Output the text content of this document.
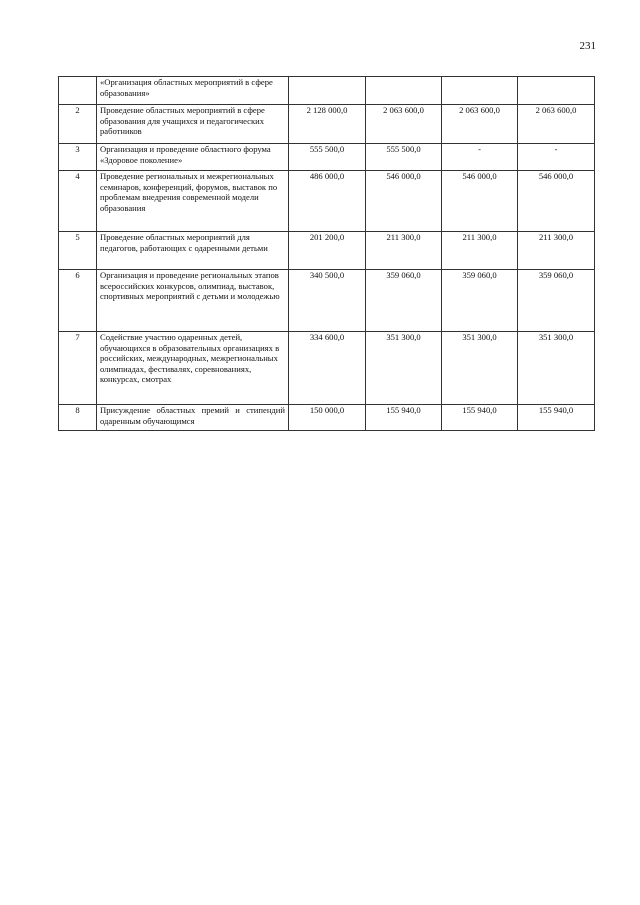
231
	«Организация областных мероприятий в сфере образования»				
2	Проведение областных мероприятий в сфере образования для учащихся и педагогических работников	2 128 000,0	2 063 600,0	2 063 600,0	2 063 600,0
3	Организация и проведение областного форума «Здоровое поколение»	555 500,0	555 500,0	-	-
4	Проведение региональных и межрегиональных семинаров, конференций, форумов, выставок по проблемам внедрения современной модели образования	486 000,0	546 000,0	546 000,0	546 000,0
5	Проведение областных мероприятий для педагогов, работающих с одаренными детьми	201 200,0	211 300,0	211 300,0	211 300,0
6	Организация и проведение региональных этапов всероссийских конкурсов, олимпиад, выставок, спортивных мероприятий с детьми и молодежью	340 500,0	359 060,0	359 060,0	359 060,0
7	Содействие участию одаренных детей, обучающихся в образовательных организациях в российских, международных, межрегиональных олимпиадах, фестивалях, соревнованиях, конкурсах, смотрах	334 600,0	351 300,0	351 300,0	351 300,0
8	Присуждение областных премий и стипендий одаренным обучающимся	150 000,0	155 940,0	155 940,0	155 940,0
